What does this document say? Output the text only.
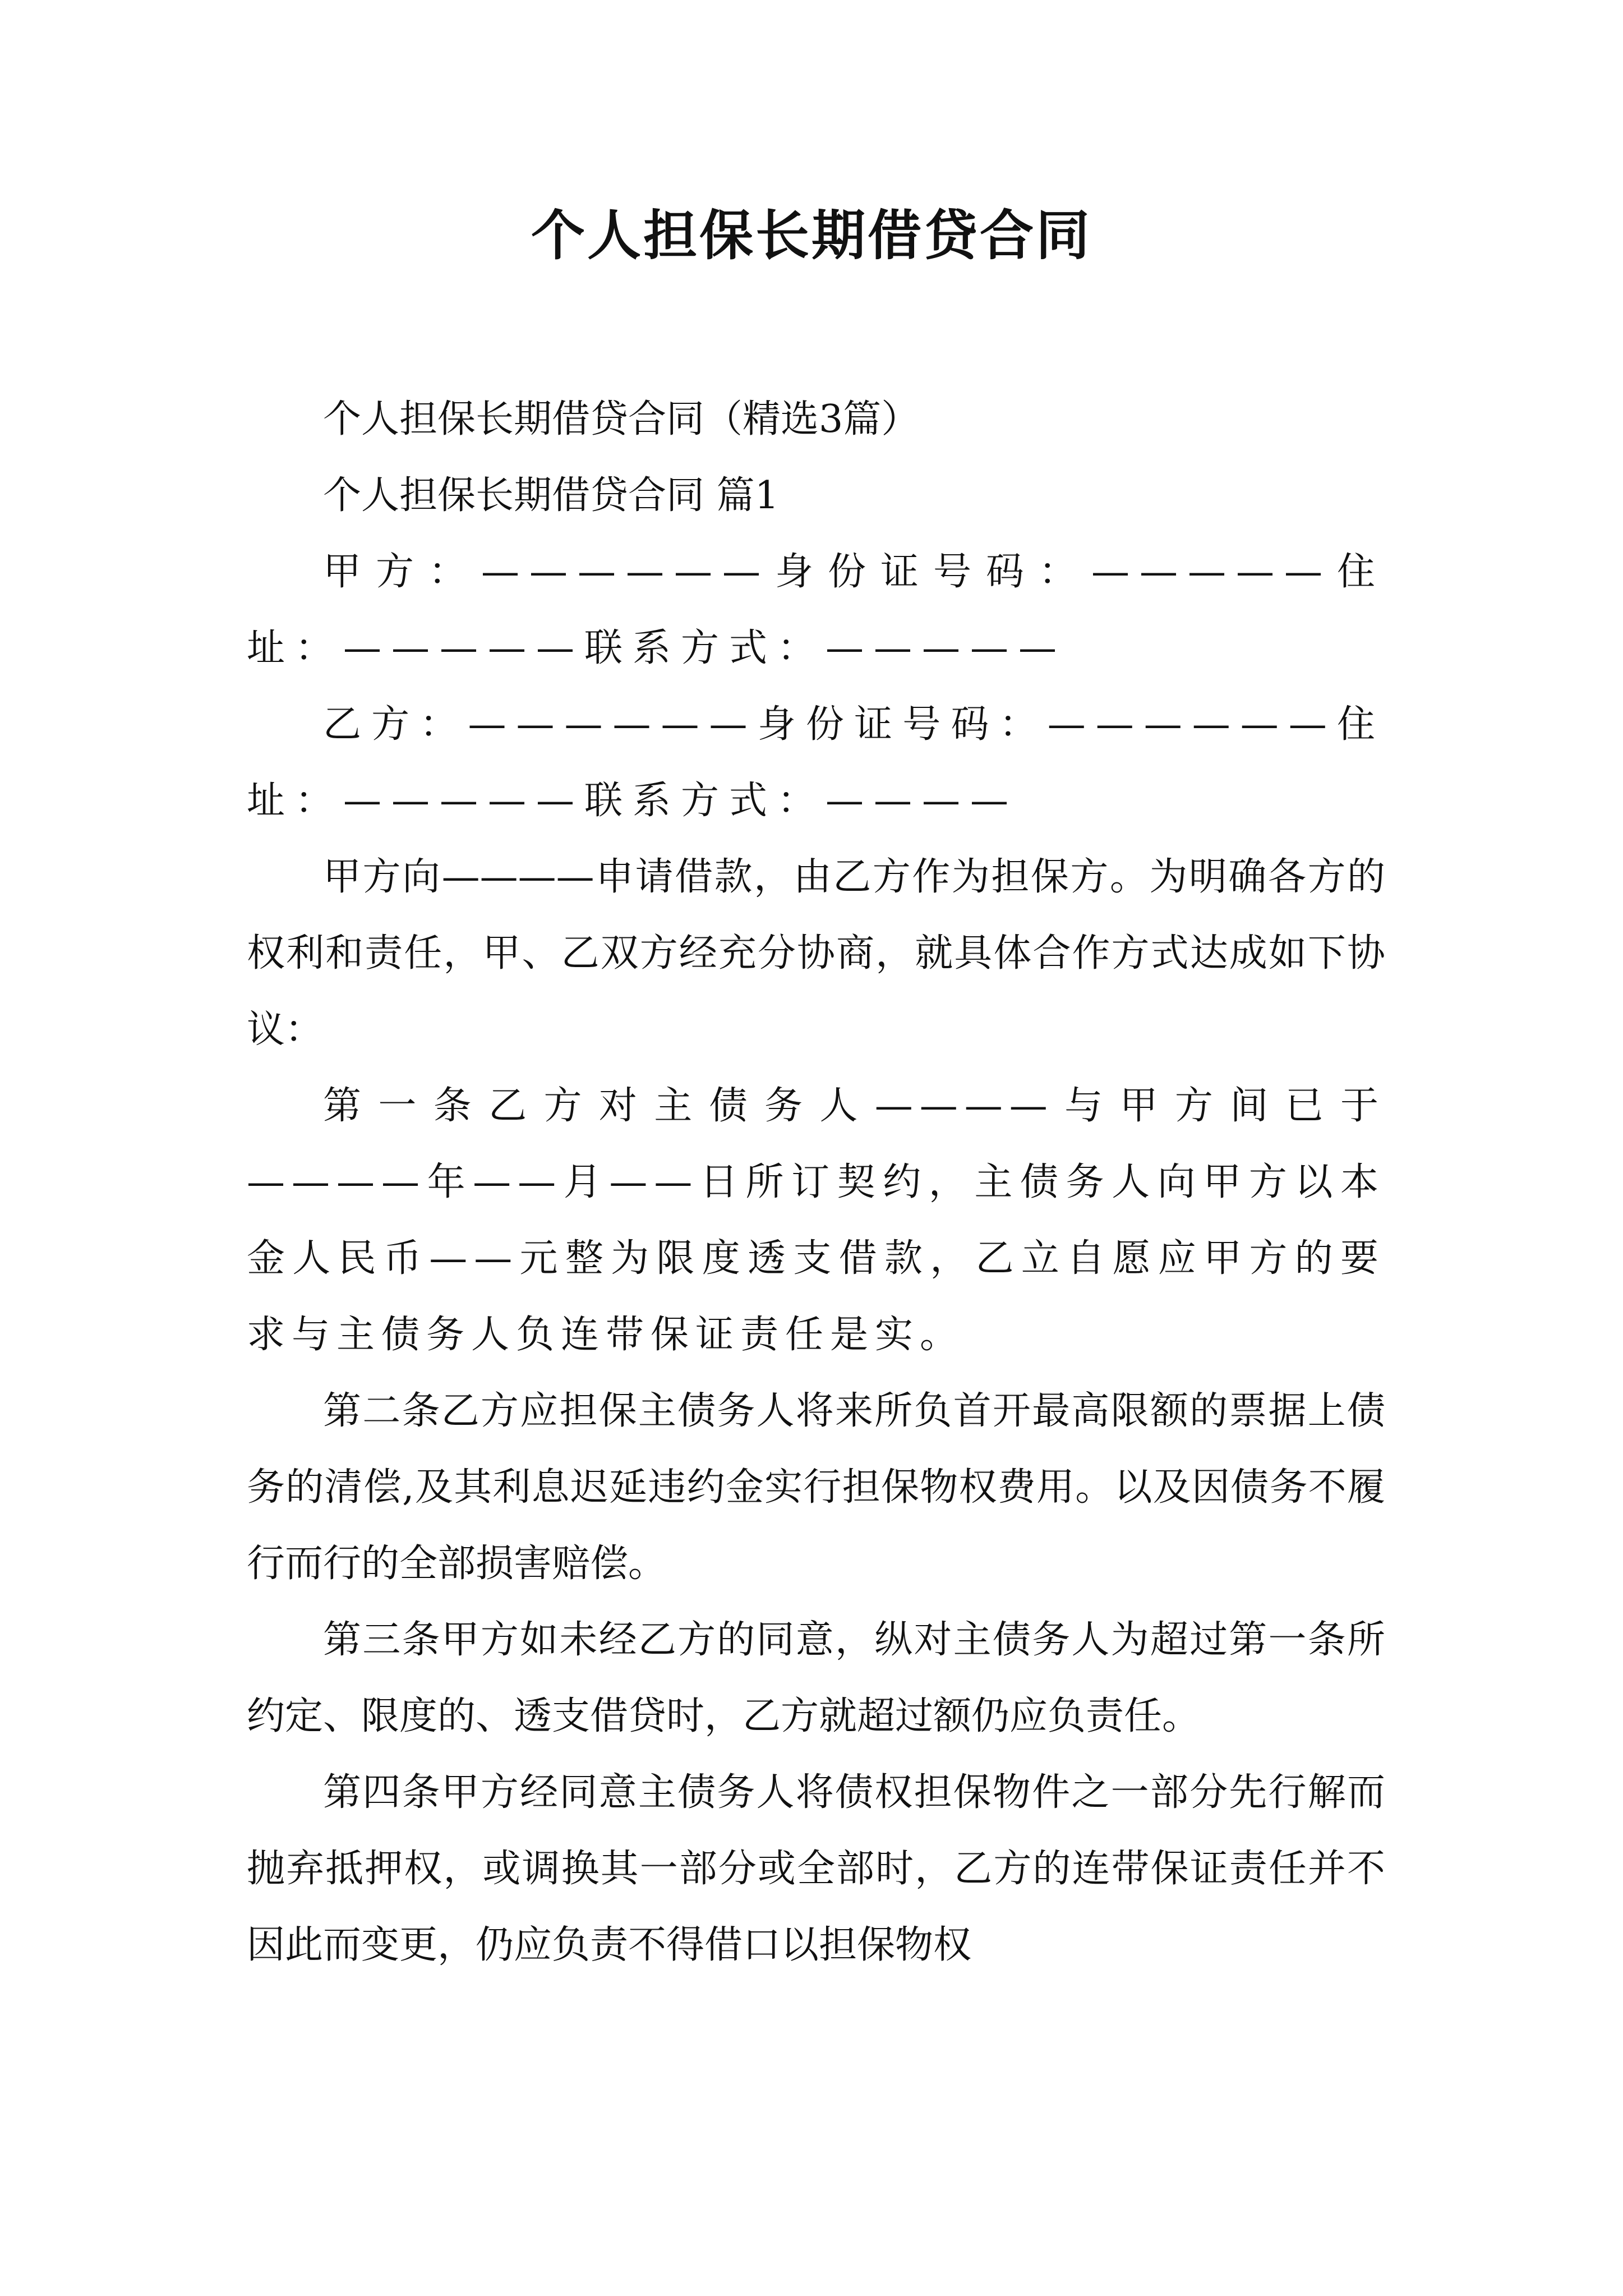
个人担保长期借贷合同

个人担保长期借贷合同（精选3篇）

个人担保长期借贷合同 篇1

甲方：——————身份证号码：—————住址：—————联系方式：—————

乙方：——————身份证号码：——————住址：—————联系方式：————

甲方向————申请借款，由乙方作为担保方。为明确各方的权利和责任，甲、乙双方经充分协商，就具体合作方式达成如下协议：

第一条乙方对主债务人————与甲方间已于————年——月——日所订契约，主债务人向甲方以本金人民币——元整为限度透支借款，乙立自愿应甲方的要求与主债务人负连带保证责任是实。

第二条乙方应担保主债务人将来所负首开最高限额的票据上债务的清偿,及其利息迟延违约金实行担保物权费用。以及因债务不履行而行的全部损害赔偿。

第三条甲方如未经乙方的同意，纵对主债务人为超过第一条所约定、限度的、透支借贷时，乙方就超过额仍应负责任。

第四条甲方经同意主债务人将债权担保物件之一部分先行解而抛弃抵押权，或调换其一部分或全部时，乙方的连带保证责任并不因此而变更，仍应负责不得借口以担保物权
